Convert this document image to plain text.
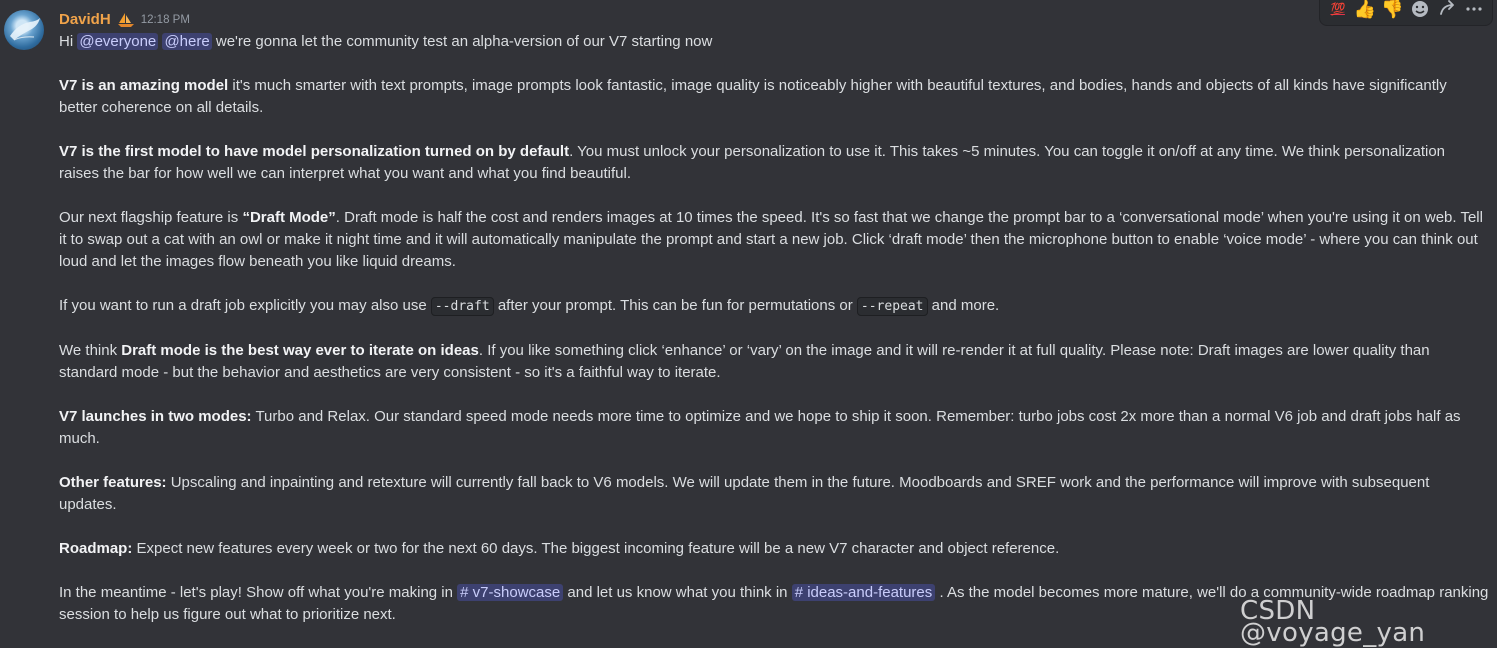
DavidH	12:18 PM
💯 👍 👎

Hi @everyone @here we're gonna let the community test an alpha-version of our V7 starting now

V7 is an amazing model it's much smarter with text prompts, image prompts look fantastic, image quality is noticeably higher with beautiful textures, and bodies, hands and objects of all kinds have significantly better coherence on all details.

V7 is the first model to have model personalization turned on by default. You must unlock your personalization to use it. This takes ~5 minutes. You can toggle it on/off at any time. We think personalization raises the bar for how well we can interpret what you want and what you find beautiful.

Our next flagship feature is “Draft Mode”. Draft mode is half the cost and renders images at 10 times the speed. It's so fast that we change the prompt bar to a ‘conversational mode’ when you're using it on web. Tell it to swap out a cat with an owl or make it night time and it will automatically manipulate the prompt and start a new job. Click ‘draft mode’ then the microphone button to enable ‘voice mode’ - where you can think out loud and let the images flow beneath you like liquid dreams.

If you want to run a draft job explicitly you may also use --draft after your prompt. This can be fun for permutations or --repeat and more.

We think Draft mode is the best way ever to iterate on ideas. If you like something click ‘enhance’ or ‘vary’ on the image and it will re-render it at full quality. Please note: Draft images are lower quality than standard mode - but the behavior and aesthetics are very consistent - so it's a faithful way to iterate.

V7 launches in two modes: Turbo and Relax. Our standard speed mode needs more time to optimize and we hope to ship it soon. Remember: turbo jobs cost 2x more than a normal V6 job and draft jobs half as much.

Other features: Upscaling and inpainting and retexture will currently fall back to V6 models. We will update them in the future. Moodboards and SREF work and the performance will improve with subsequent updates.

Roadmap: Expect new features every week or two for the next 60 days. The biggest incoming feature will be a new V7 character and object reference.

In the meantime - let's play! Show off what you're making in # v7-showcase and let us know what you think in # ideas-and-features . As the model becomes more mature, we'll do a community-wide roadmap ranking session to help us figure out what to prioritize next.	CSDN @voyage_yan
